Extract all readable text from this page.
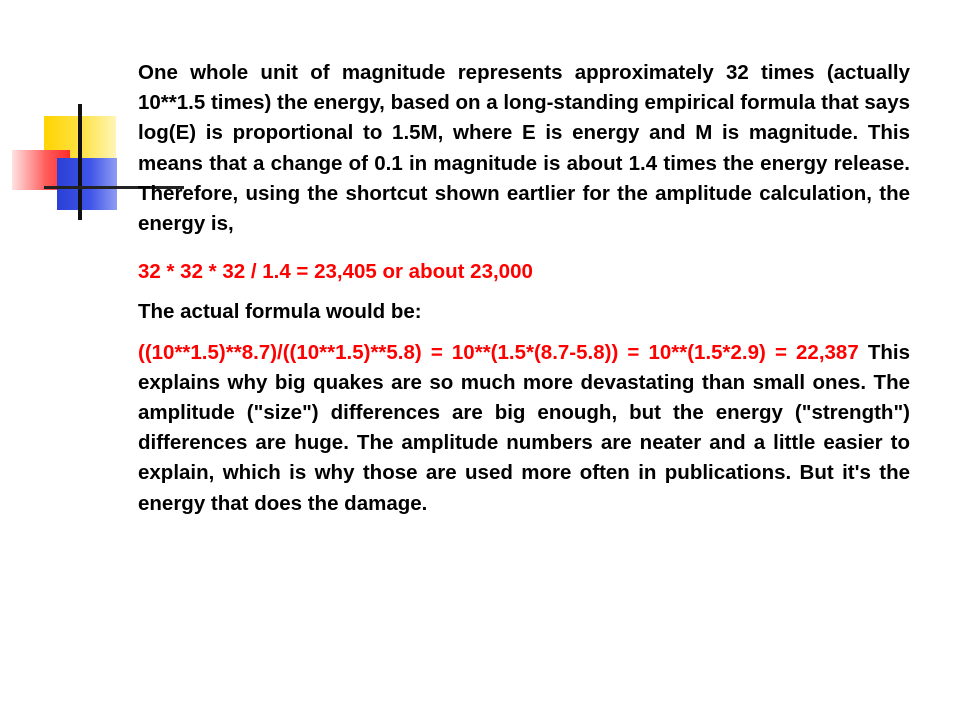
One whole unit of magnitude represents approximately 32 times (actually 10**1.5 times) the energy, based on a long-standing empirical formula that says log(E) is proportional to 1.5M, where E is energy and M is magnitude. This means that a change of 0.1 in magnitude is about 1.4 times the energy release. Therefore, using the shortcut shown eartlier for the amplitude calculation, the energy is,

32 * 32 * 32 / 1.4 = 23,405 or about 23,000

The actual formula would be:

((10**1.5)**8.7)/((10**1.5)**5.8) = 10**(1.5*(8.7-5.8)) = 10**(1.5*2.9) = 22,387 This explains why big quakes are so much more devastating than small ones. The amplitude ("size") differences are big enough, but the energy ("strength") differences are huge. The amplitude numbers are neater and a little easier to explain, which is why those are used more often in publications. But it's the energy that does the damage.
